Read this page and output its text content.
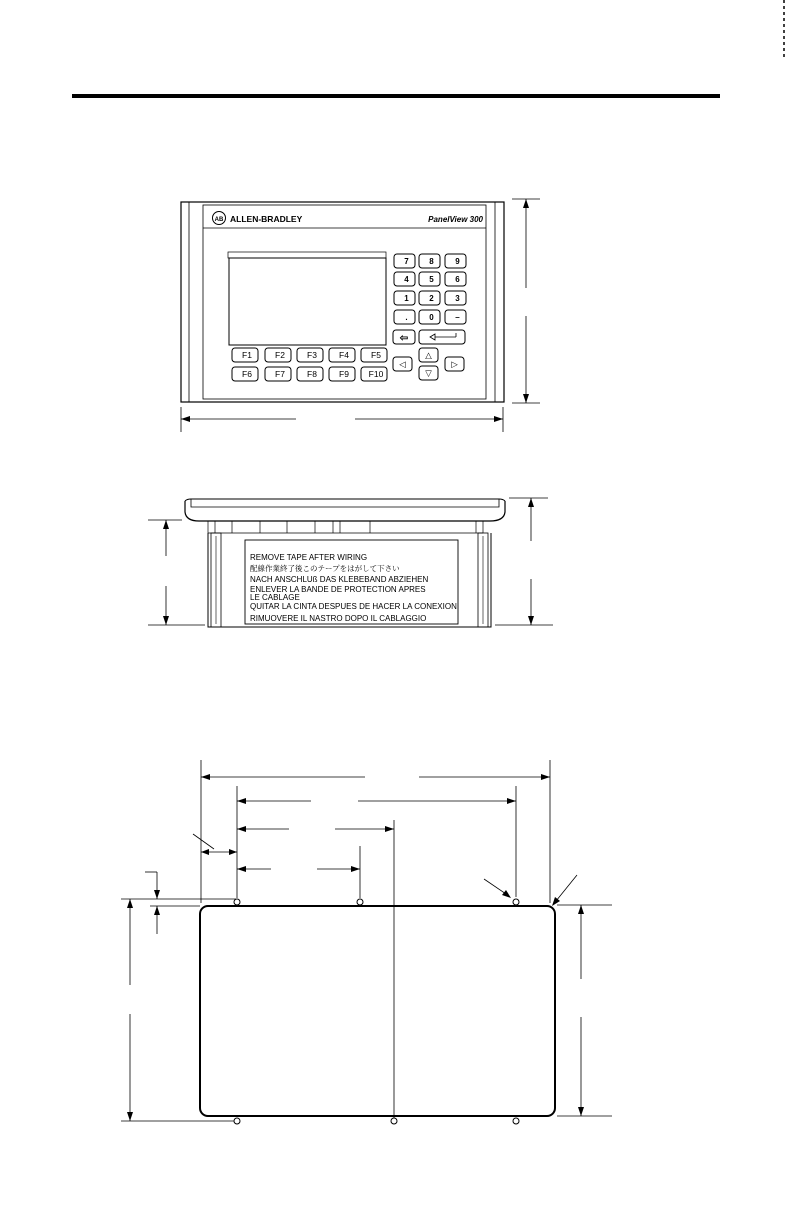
AB ALLEN-BRADLEY	PanelView 300
7	8	9
4	5	6
1	2	3
.	0	–
⇦
F1	F2	F3	F4	F5
F6	F7	F8	F9 F10
◁
△
▽
▷
REMOVE TAPE AFTER WIRING
配線作業終了後このテープをはがして下さい
NACH ANSCHLUß DAS KLEBEBAND ABZIEHEN
ENLEVER LA BANDE DE PROTECTION APRES
LE CABLAGE
QUITAR LA CINTA DESPUES DE HACER LA CONEXION
RIMUOVERE IL NASTRO DOPO IL CABLAGGIO
